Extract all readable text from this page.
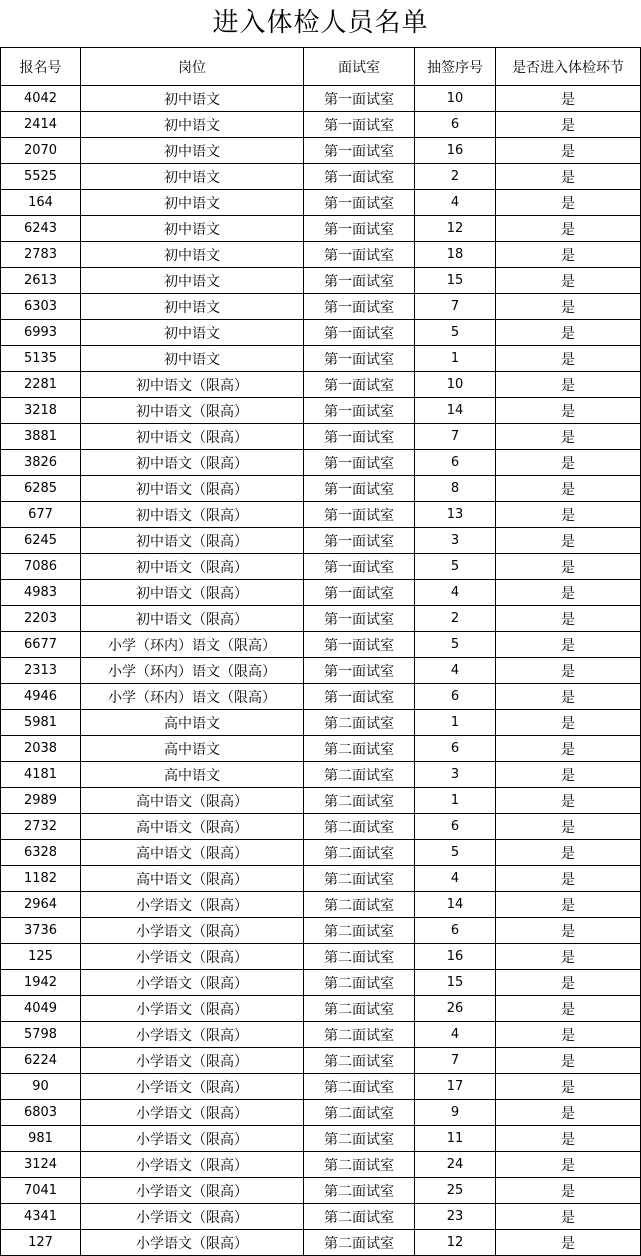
进入体检人员名单
报名号	岗位	面试室	抽签序号	是否进入体检环节
4042	初中语文	第一面试室	10	是
2414	初中语文	第一面试室	6	是
2070	初中语文	第一面试室	16	是
5525	初中语文	第一面试室	2	是
164	初中语文	第一面试室	4	是
6243	初中语文	第一面试室	12	是
2783	初中语文	第一面试室	18	是
2613	初中语文	第一面试室	15	是
6303	初中语文	第一面试室	7	是
6993	初中语文	第一面试室	5	是
5135	初中语文	第一面试室	1	是
2281	初中语文（限高）	第一面试室	10	是
3218	初中语文（限高）	第一面试室	14	是
3881	初中语文（限高）	第一面试室	7	是
3826	初中语文（限高）	第一面试室	6	是
6285	初中语文（限高）	第一面试室	8	是
677	初中语文（限高）	第一面试室	13	是
6245	初中语文（限高）	第一面试室	3	是
7086	初中语文（限高）	第一面试室	5	是
4983	初中语文（限高）	第一面试室	4	是
2203	初中语文（限高）	第一面试室	2	是
6677	小学（环内）语文（限高）	第一面试室	5	是
2313	小学（环内）语文（限高）	第一面试室	4	是
4946	小学（环内）语文（限高）	第一面试室	6	是
5981	高中语文	第二面试室	1	是
2038	高中语文	第二面试室	6	是
4181	高中语文	第二面试室	3	是
2989	高中语文（限高）	第二面试室	1	是
2732	高中语文（限高）	第二面试室	6	是
6328	高中语文（限高）	第二面试室	5	是
1182	高中语文（限高）	第二面试室	4	是
2964	小学语文（限高）	第二面试室	14	是
3736	小学语文（限高）	第二面试室	6	是
125	小学语文（限高）	第二面试室	16	是
1942	小学语文（限高）	第二面试室	15	是
4049	小学语文（限高）	第二面试室	26	是
5798	小学语文（限高）	第二面试室	4	是
6224	小学语文（限高）	第二面试室	7	是
90	小学语文（限高）	第二面试室	17	是
6803	小学语文（限高）	第二面试室	9	是
981	小学语文（限高）	第二面试室	11	是
3124	小学语文（限高）	第二面试室	24	是
7041	小学语文（限高）	第二面试室	25	是
4341	小学语文（限高）	第二面试室	23	是
127	小学语文（限高）	第二面试室	12	是
